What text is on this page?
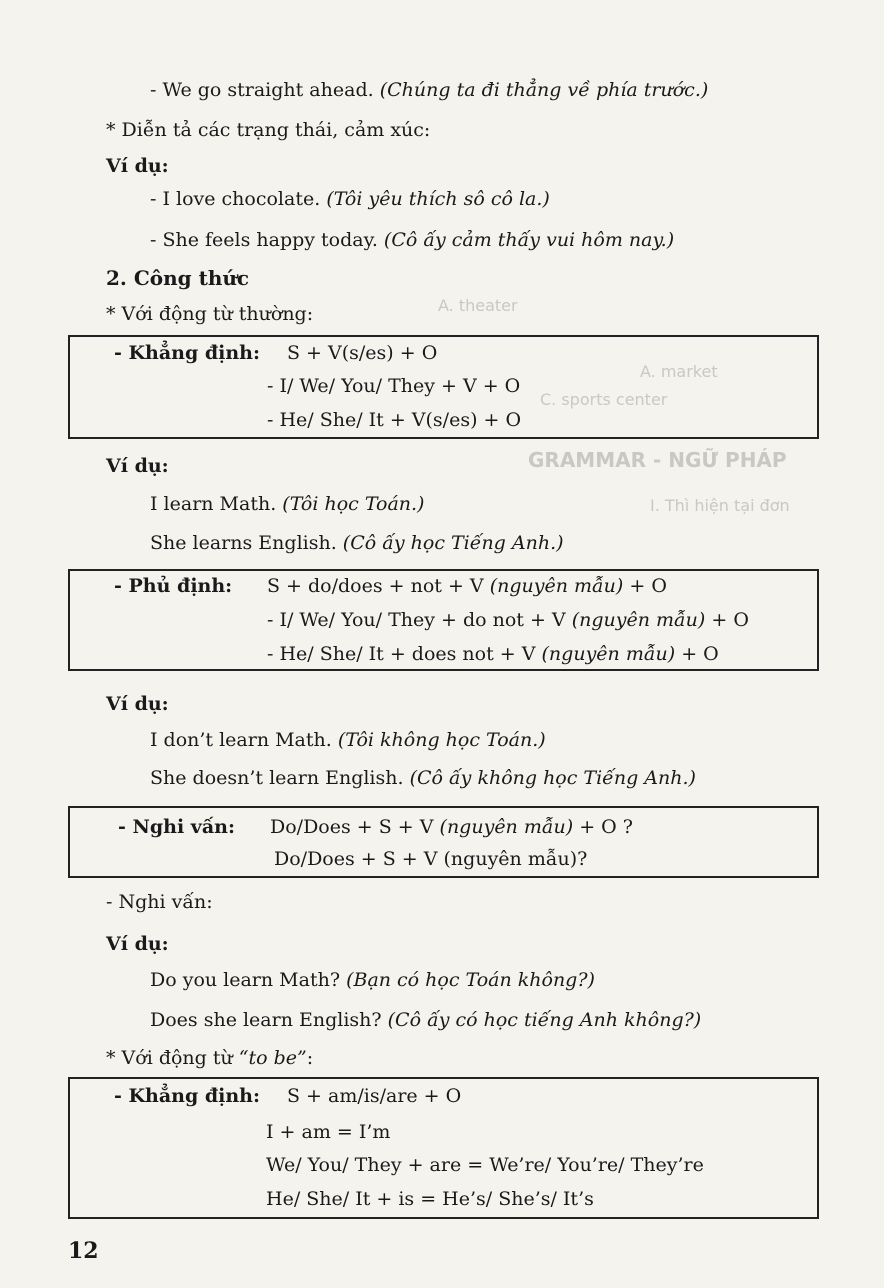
A. theater
A. market
C. sports center
GRAMMAR - NGỮ PHÁP
I. Thì hiện tại đơn
- We go straight ahead. (Chúng ta đi thẳng về phía trước.)
* Diễn tả các trạng thái, cảm xúc:
Ví dụ:
- I love chocolate. (Tôi yêu thích sô cô la.)
- She feels happy today. (Cô ấy cảm thấy vui hôm nay.)
2. Công thức
* Với động từ thường:
- Khẳng định: S + V(s/es) + O
- I/ We/ You/ They + V + O
- He/ She/ It + V(s/es) + O
Ví dụ:
I learn Math. (Tôi học Toán.)
She learns English. (Cô ấy học Tiếng Anh.)
- Phủ định: S + do/does + not + V (nguyên mẫu) + O
- I/ We/ You/ They + do not + V (nguyên mẫu) + O
- He/ She/ It + does not + V (nguyên mẫu) + O
Ví dụ:
I don’t learn Math. (Tôi không học Toán.)
She doesn’t learn English. (Cô ấy không học Tiếng Anh.)
- Nghi vấn: Do/Does + S + V (nguyên mẫu) + O ?
Do/Does + S + V (nguyên mẫu)?
- Nghi vấn:
Ví dụ:
Do you learn Math? (Bạn có học Toán không?)
Does she learn English? (Cô ấy có học tiếng Anh không?)
* Với động từ “to be”:
- Khẳng định: S + am/is/are + O
I + am = I’m
We/ You/ They + are = We’re/ You’re/ They’re
He/ She/ It + is = He’s/ She’s/ It’s
12
